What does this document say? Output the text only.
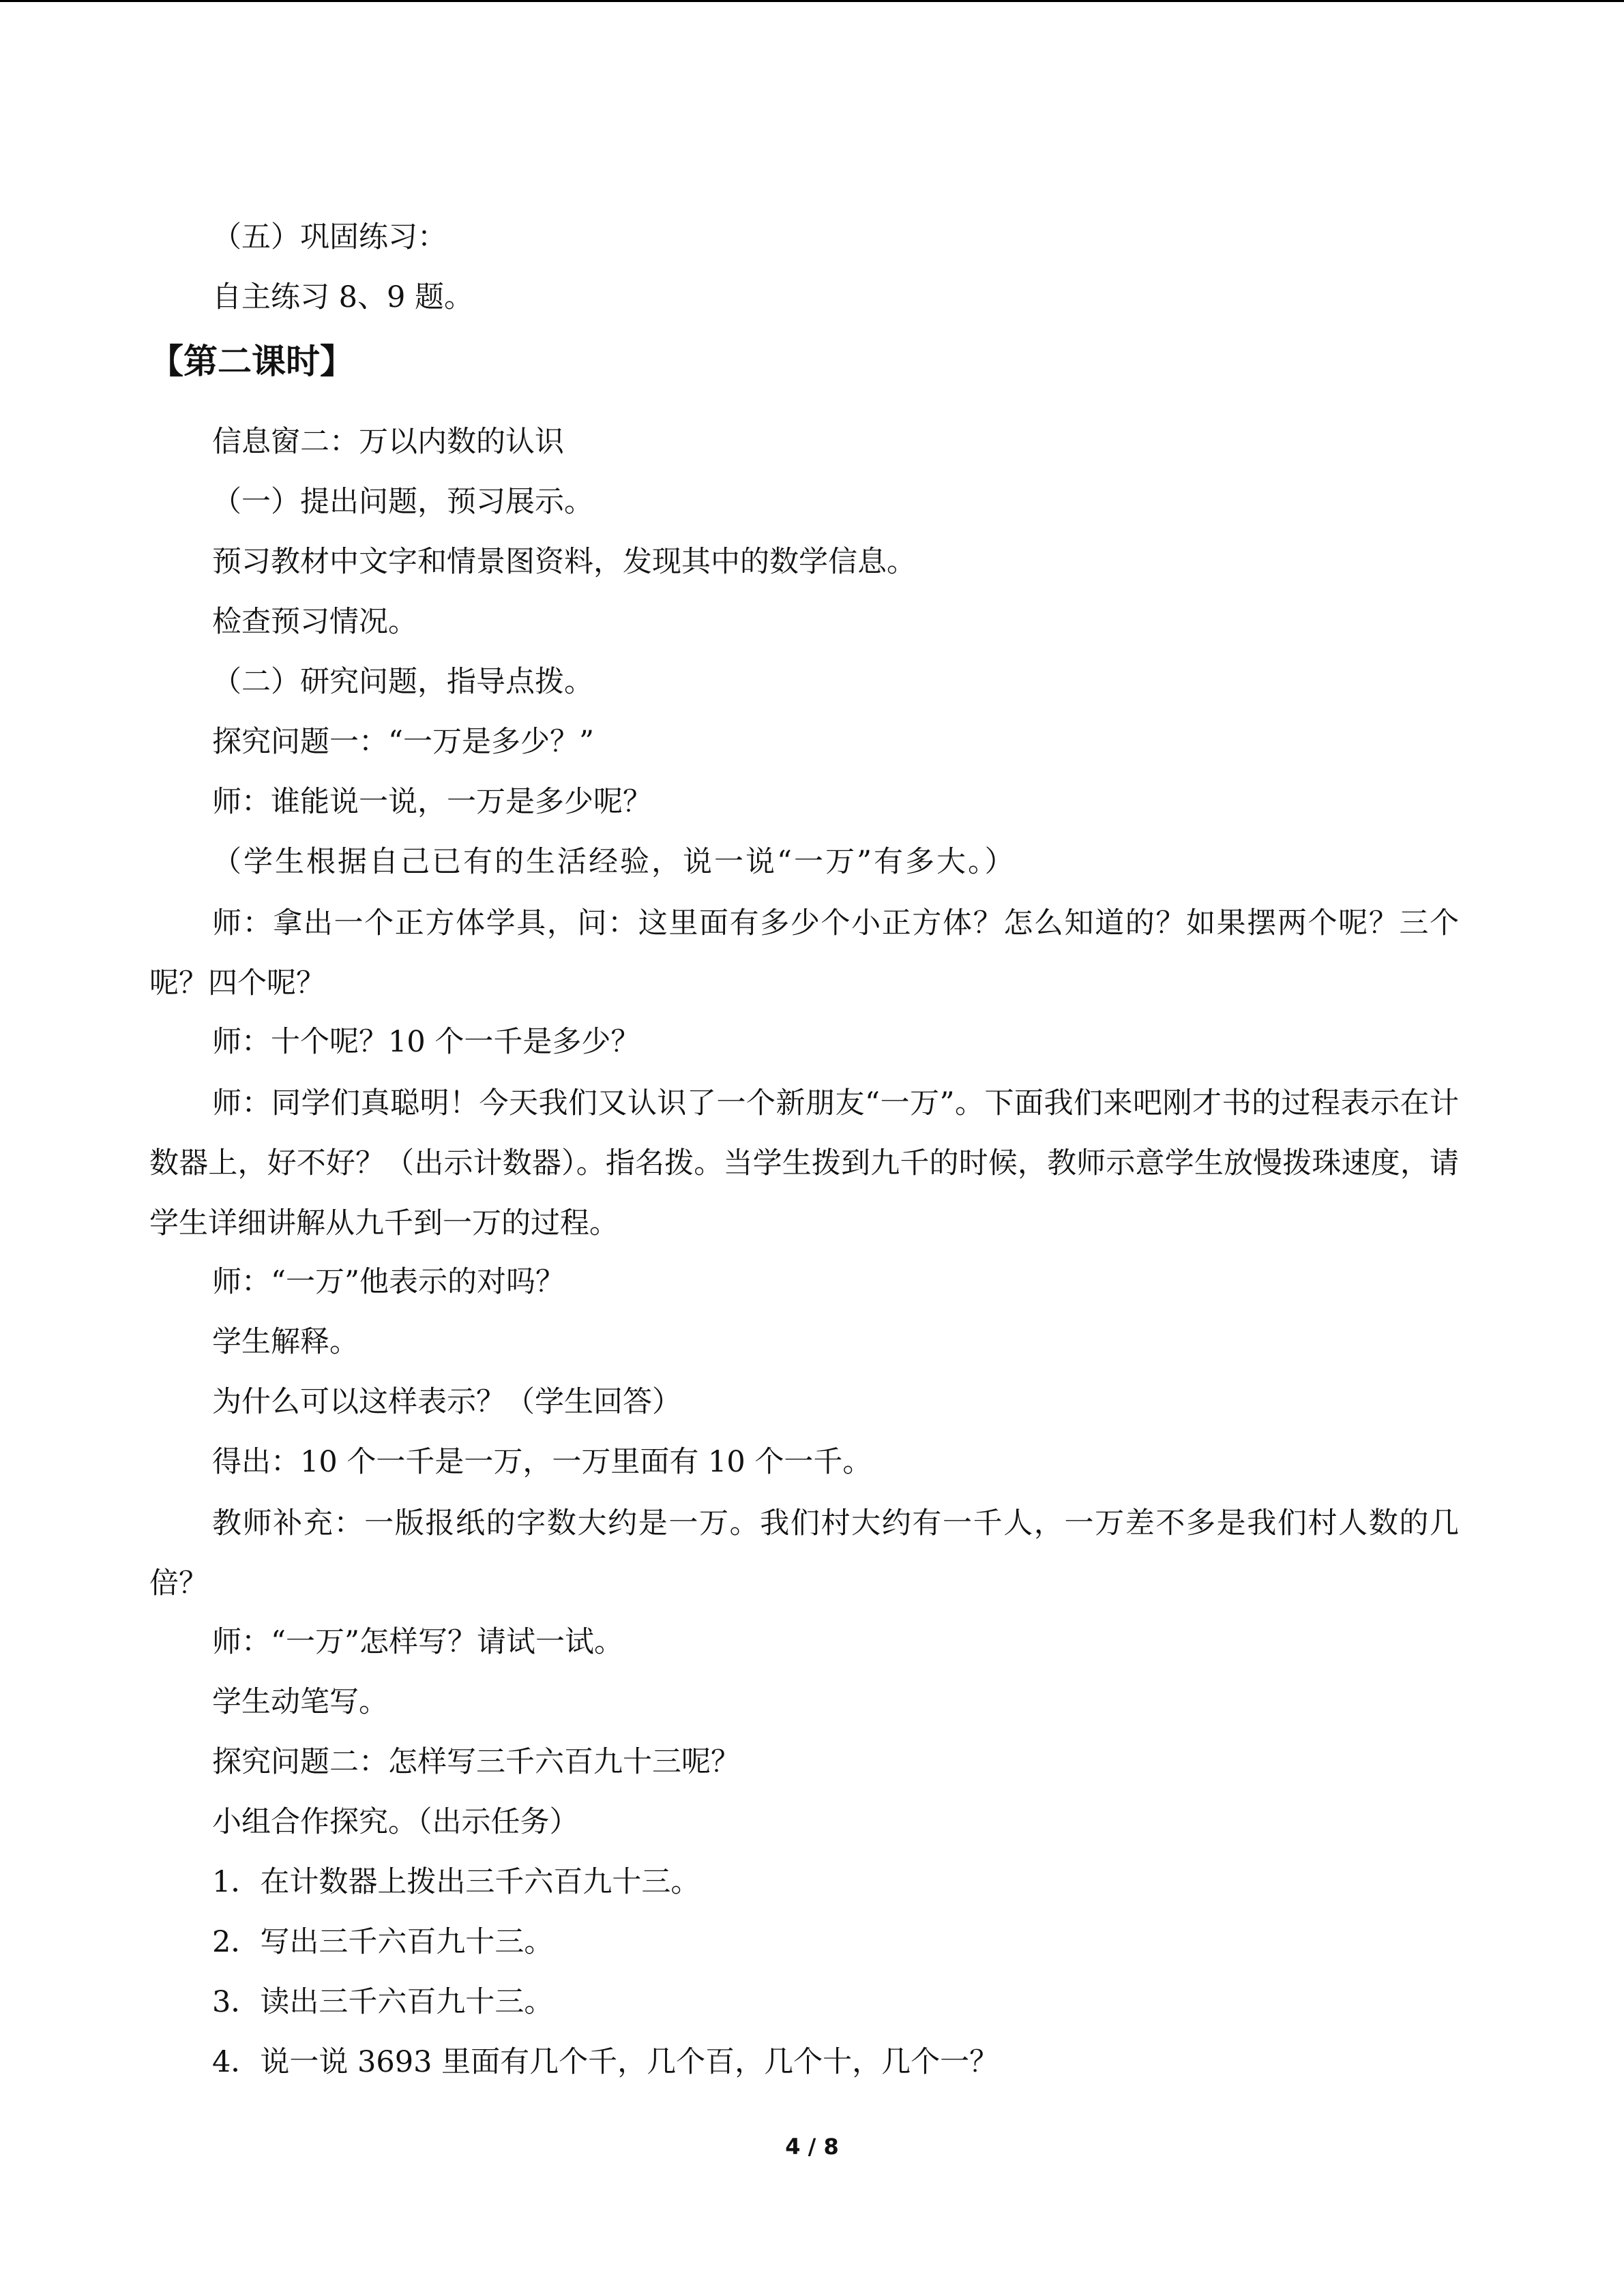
（五）巩固练习：
自主练习 8、9 题。
【第二课时】
信息窗二：万以内数的认识
（一）提出问题，预习展示。
预习教材中文字和情景图资料，发现其中的数学信息。
检查预习情况。
（二）研究问题，指导点拨。
探究问题一：“一万是多少？”
师：谁能说一说，一万是多少呢？
（学生根据自己已有的生活经验，说一说“一万”有多大。）
师：拿出一个正方体学具，问：这里面有多少个小正方体？怎么知道的？如果摆两个呢？三个呢？四个呢？
师：十个呢？10 个一千是多少？
师：同学们真聪明！今天我们又认识了一个新朋友“一万”。下面我们来吧刚才书的过程表示在计数器上，好不好？（出示计数器）。指名拨。当学生拨到九千的时候，教师示意学生放慢拨珠速度，请学生详细讲解从九千到一万的过程。
师：“一万”他表示的对吗？
学生解释。
为什么可以这样表示？（学生回答）
得出：10 个一千是一万，一万里面有 10 个一千。
教师补充：一版报纸的字数大约是一万。我们村大约有一千人，一万差不多是我们村人数的几倍？
师：“一万”怎样写？请试一试。
学生动笔写。
探究问题二：怎样写三千六百九十三呢？
小组合作探究。（出示任务）
1．在计数器上拨出三千六百九十三。
2．写出三千六百九十三。
3．读出三千六百九十三。
4．说一说 3693 里面有几个千，几个百，几个十，几个一？
4 / 8
